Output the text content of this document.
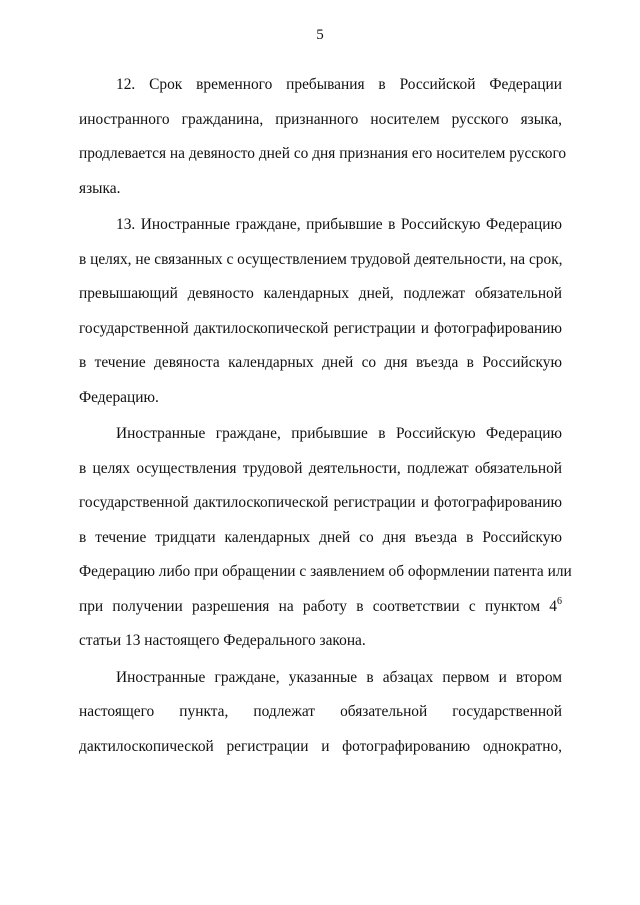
5
12. Срок временного пребывания в Российской Федерации
иностранного гражданина, признанного носителем русского языка,
продлевается на девяносто дней со дня признания его носителем русского
языка.
13. Иностранные граждане, прибывшие в Российскую Федерацию
в целях, не связанных с осуществлением трудовой деятельности, на срок,
превышающий девяносто календарных дней, подлежат обязательной
государственной дактилоскопической регистрации и фотографированию
в течение девяноста календарных дней со дня въезда в Российскую
Федерацию.
Иностранные граждане, прибывшие в Российскую Федерацию
в целях осуществления трудовой деятельности, подлежат обязательной
государственной дактилоскопической регистрации и фотографированию
в течение тридцати календарных дней со дня въезда в Российскую
Федерацию либо при обращении с заявлением об оформлении патента или
при получении разрешения на работу в соответствии с пунктом $4^6$
статьи 13 настоящего Федерального закона.
Иностранные граждане, указанные в абзацах первом и втором
настоящего пункта, подлежат обязательной государственной
дактилоскопической регистрации и фотографированию однократно,
